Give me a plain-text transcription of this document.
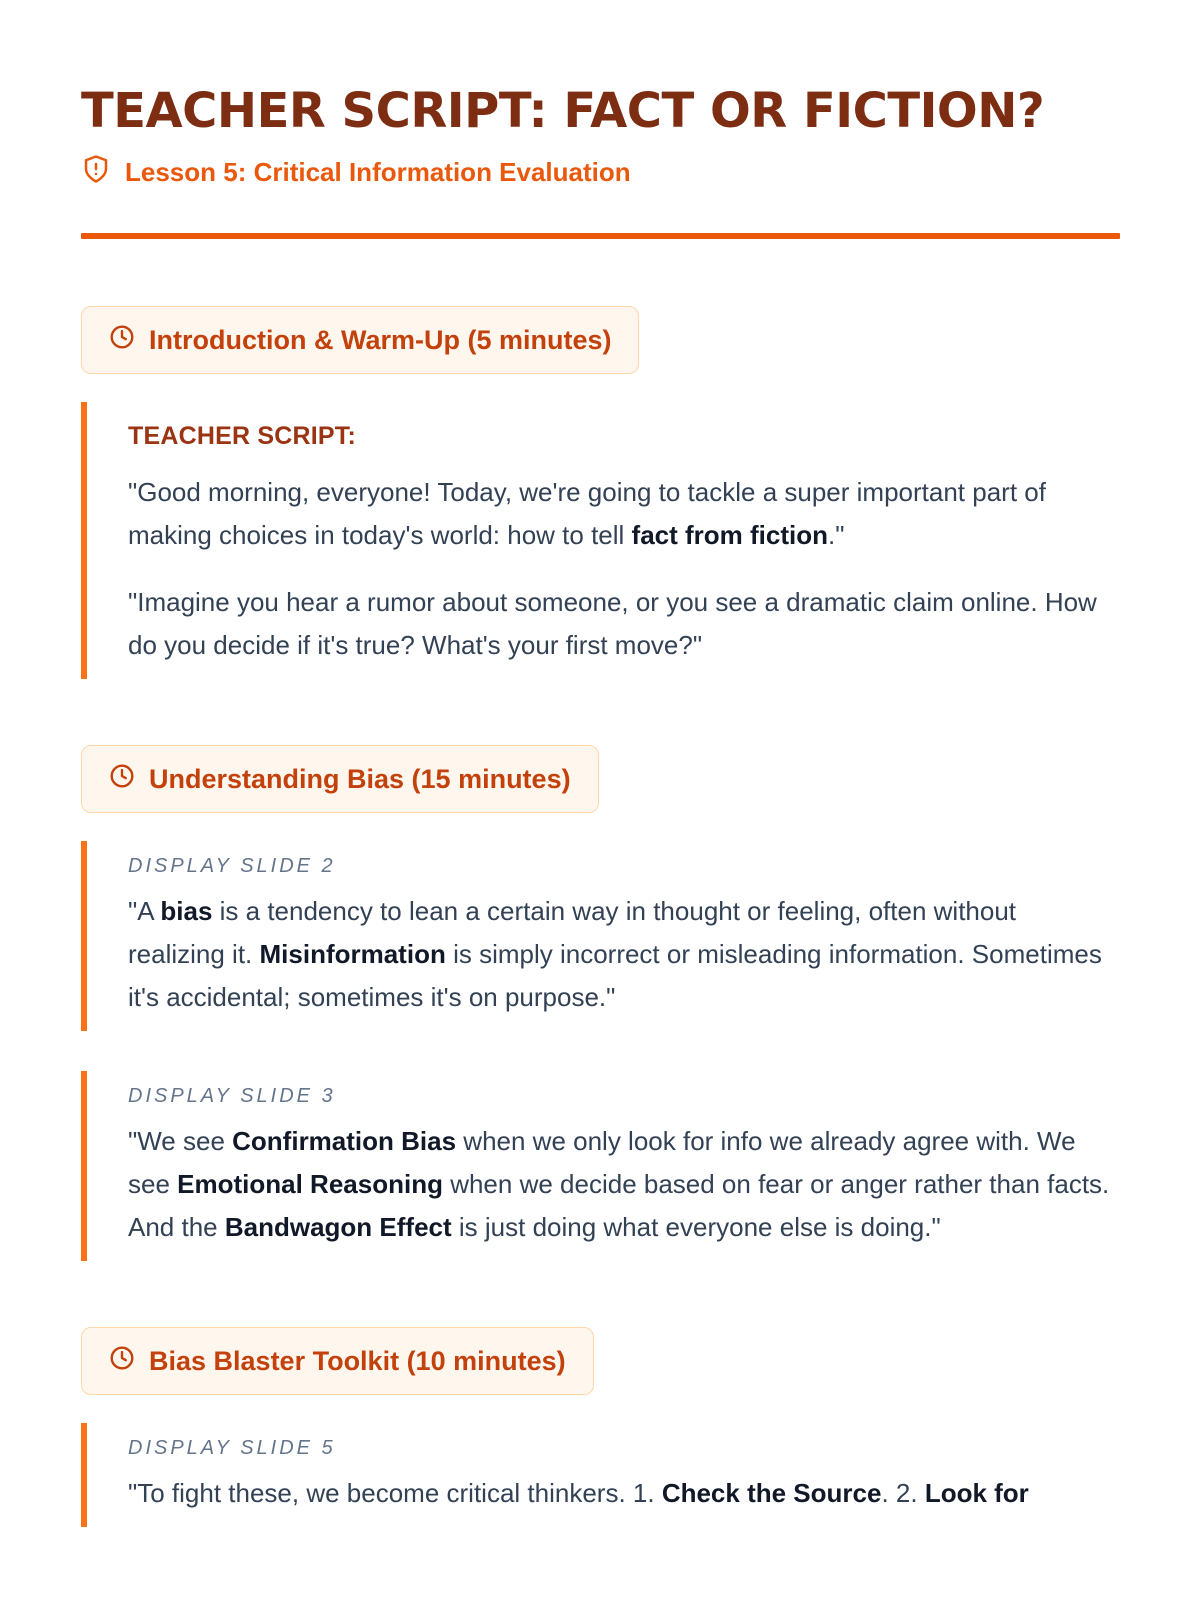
TEACHER SCRIPT: FACT OR FICTION?
Lesson 5: Critical Information Evaluation
Introduction & Warm-Up (5 minutes)
TEACHER SCRIPT:

"Good morning, everyone! Today, we're going to tackle a super important part of making choices in today's world: how to tell fact from fiction."

"Imagine you hear a rumor about someone, or you see a dramatic claim online. How do you decide if it's true? What's your first move?"

Understanding Bias (15 minutes)
DISPLAY SLIDE 2

"A bias is a tendency to lean a certain way in thought or feeling, often without realizing it. Misinformation is simply incorrect or misleading information. Sometimes it's accidental; sometimes it's on purpose."

DISPLAY SLIDE 3

"We see Confirmation Bias when we only look for info we already agree with. We see Emotional Reasoning when we decide based on fear or anger rather than facts. And the Bandwagon Effect is just doing what everyone else is doing."

Bias Blaster Toolkit (10 minutes)
DISPLAY SLIDE 5

"To fight these, we become critical thinkers. 1. Check the Source. 2. Look for
